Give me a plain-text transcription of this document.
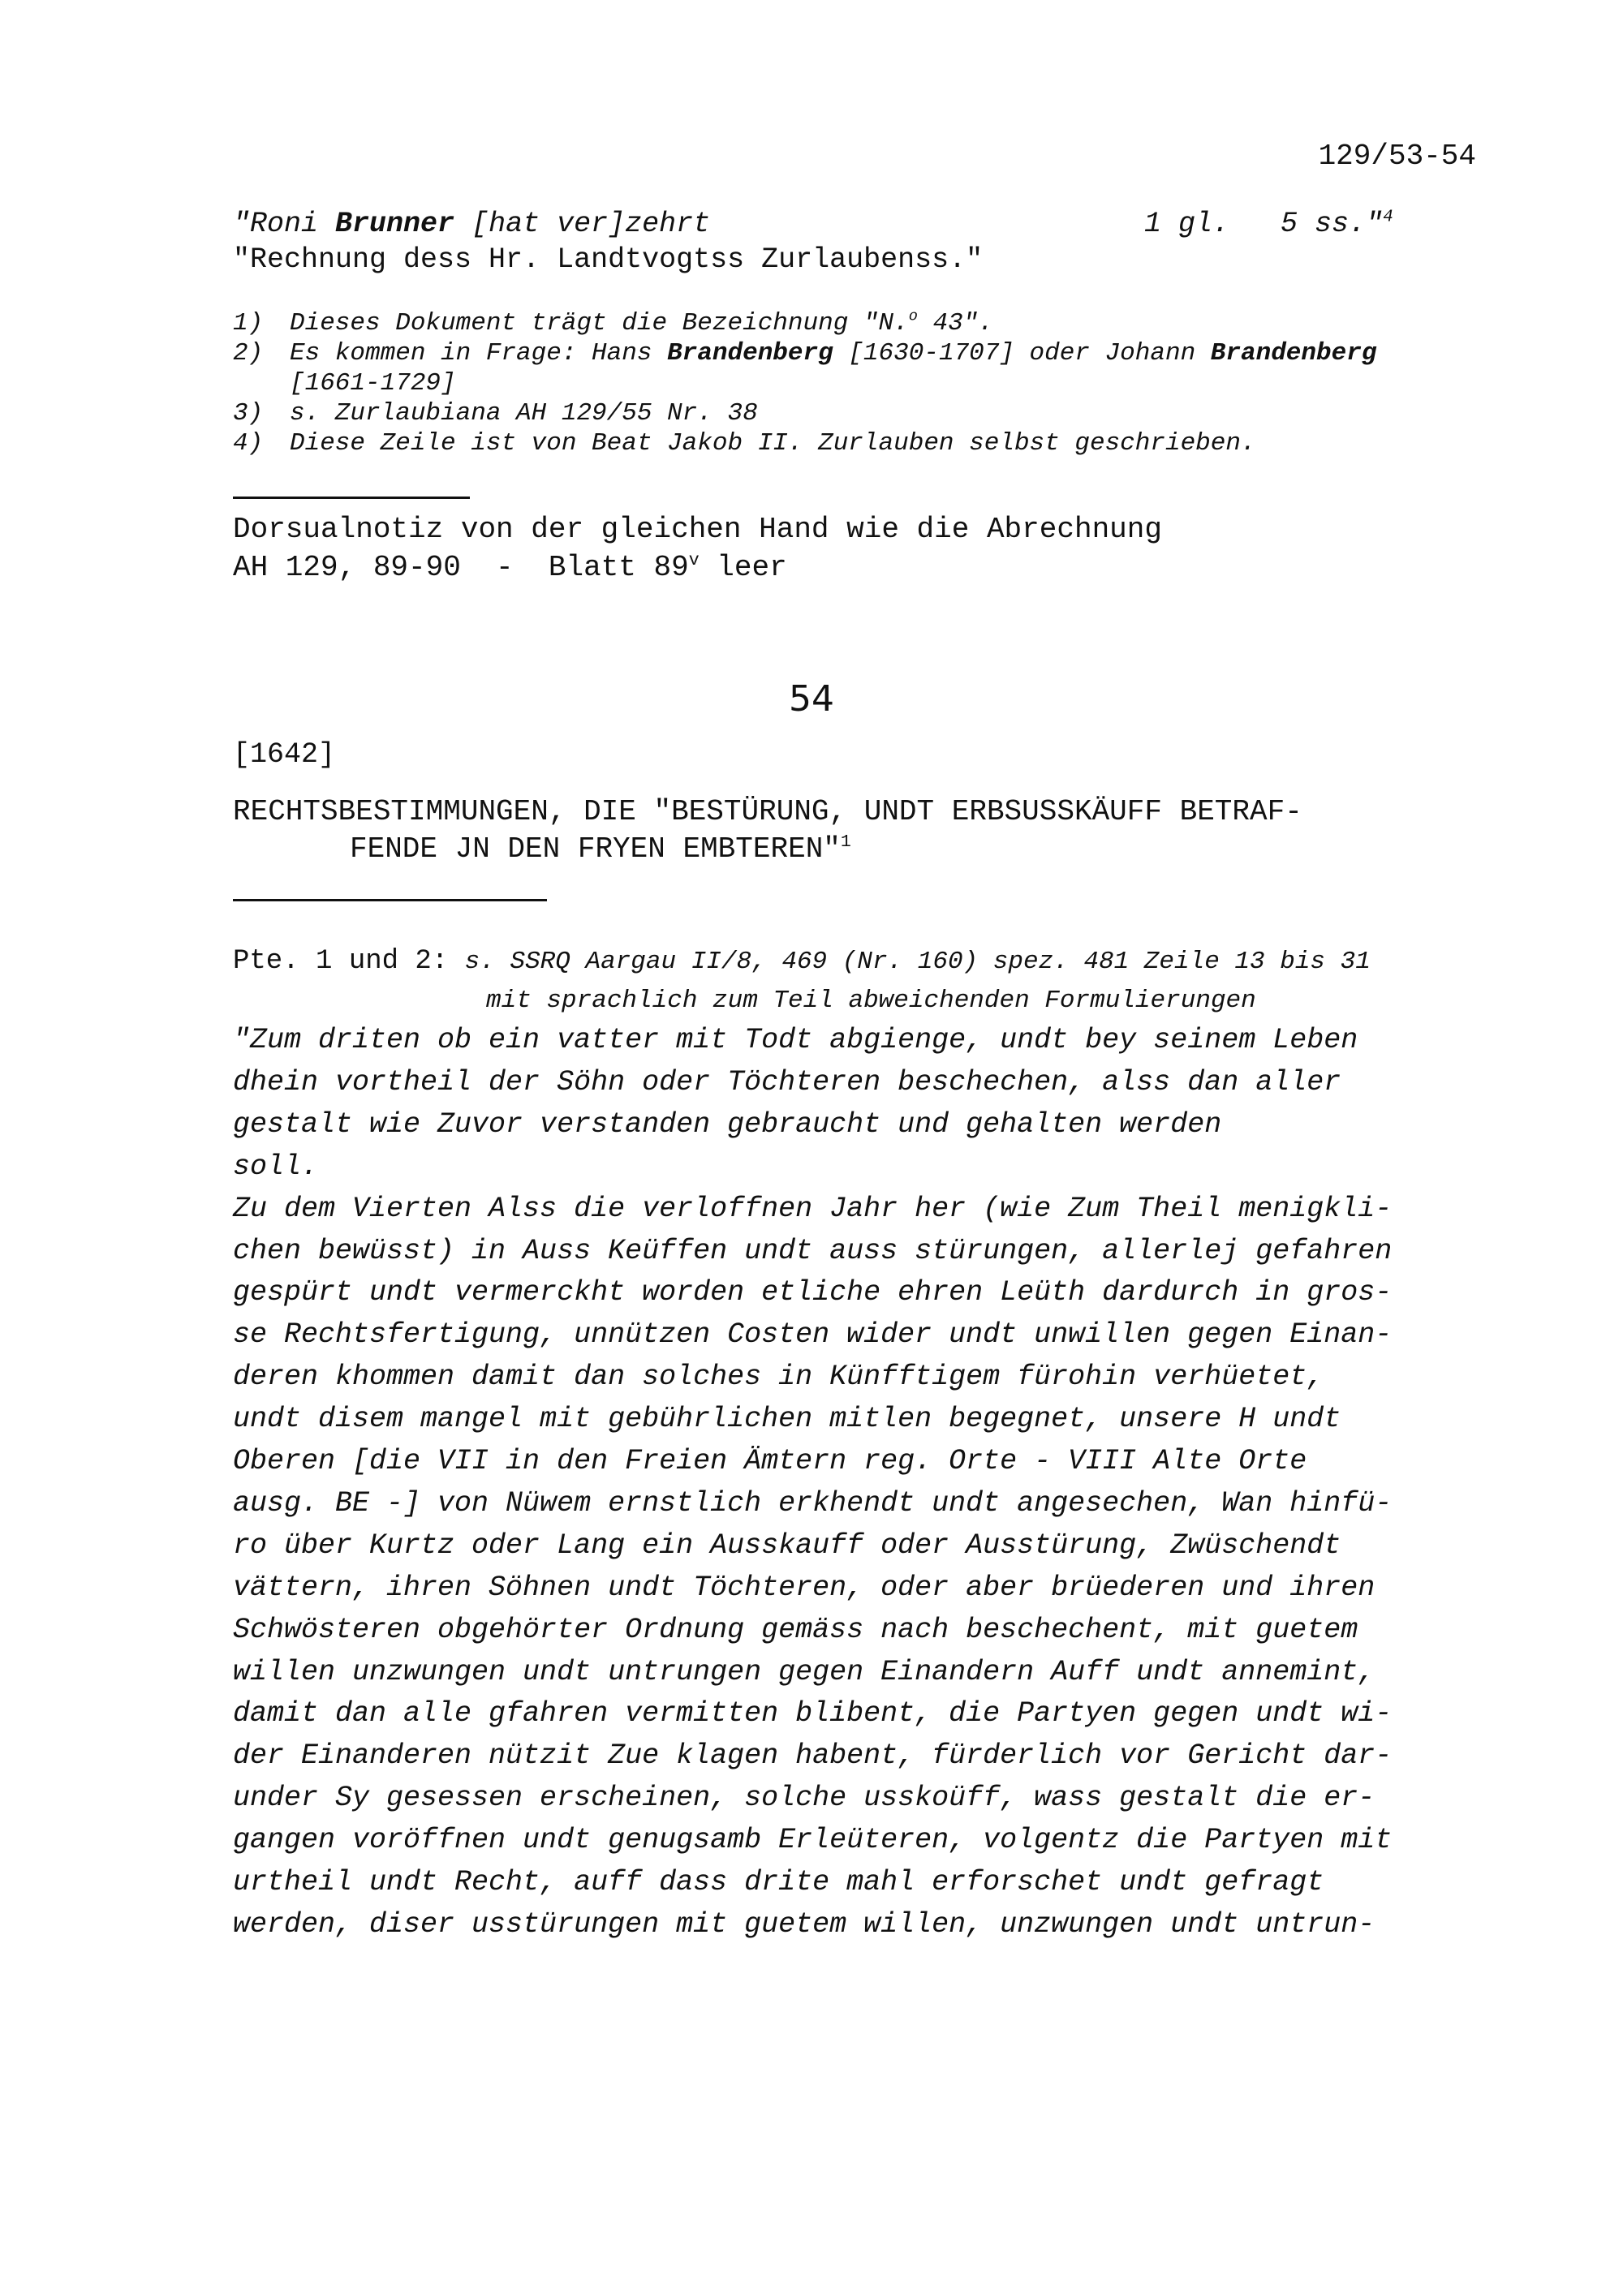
129/53-54
"Roni Brunner [hat ver]zehrt	1 gl.   5 ss."$^4$
"Rechnung dess Hr. Landtvogtss Zurlaubenss."
1) Dieses Dokument trägt die Bezeichnung "N.$^o$ 43".
2) Es kommen in Frage: Hans Brandenberg [1630-1707] oder Johann Brandenberg
[1661-1729]
3) s. Zurlaubiana AH 129/55 Nr. 38
4) Diese Zeile ist von Beat Jakob II. Zurlauben selbst geschrieben.
Dorsualnotiz von der gleichen Hand wie die Abrechnung
AH 129, 89-90  -  Blatt 89$^v$ leer
54
[1642]
RECHTSBESTIMMUNGEN, DIE "BESTÜRUNG, UNDT ERBSUSSKÄUFF BETRAF-
FENDE JN DEN FRYEN EMBTEREN"$^1$
Pte. 1 und 2: s. SSRQ Aargau II/8, 469 (Nr. 160) spez. 481 Zeile 13 bis 31
mit sprachlich zum Teil abweichenden Formulierungen
"Zum driten ob ein vatter mit Todt abgienge, undt bey seinem Leben
dhein vortheil der Söhn oder Töchteren beschechen, alss dan aller
gestalt wie Zuvor verstanden gebraucht und gehalten werden
soll.
Zu dem Vierten Alss die verloffnen Jahr her (wie Zum Theil menigkli-
chen bewüsst) in Auss Keüffen undt auss stürungen, allerlej gefahren
gespürt undt vermerckht worden etliche ehren Leüth dardurch in gros-
se Rechtsfertigung, unnützen Costen wider undt unwillen gegen Einan-
deren khommen damit dan solches in Künfftigem fürohin verhüetet,
undt disem mangel mit gebührlichen mitlen begegnet, unsere H undt
Oberen [die VII in den Freien Ämtern reg. Orte - VIII Alte Orte
ausg. BE -] von Nüwem ernstlich erkhendt undt angesechen, Wan hinfü-
ro über Kurtz oder Lang ein Ausskauff oder Ausstürung, Zwüschendt
vättern, ihren Söhnen undt Töchteren, oder aber brüederen und ihren
Schwösteren obgehörter Ordnung gemäss nach beschechent, mit guetem
willen unzwungen undt untrungen gegen Einandern Auff undt annemint,
damit dan alle gfahren vermitten blibent, die Partyen gegen undt wi-
der Einanderen nützit Zue klagen habent, fürderlich vor Gericht dar-
under Sy gesessen erscheinen, solche usskoüff, wass gestalt die er-
gangen voröffnen undt genugsamb Erleüteren, volgentz die Partyen mit
urtheil undt Recht, auff dass drite mahl erforschet undt gefragt
werden, diser usstürungen mit guetem willen, unzwungen undt untrun-
